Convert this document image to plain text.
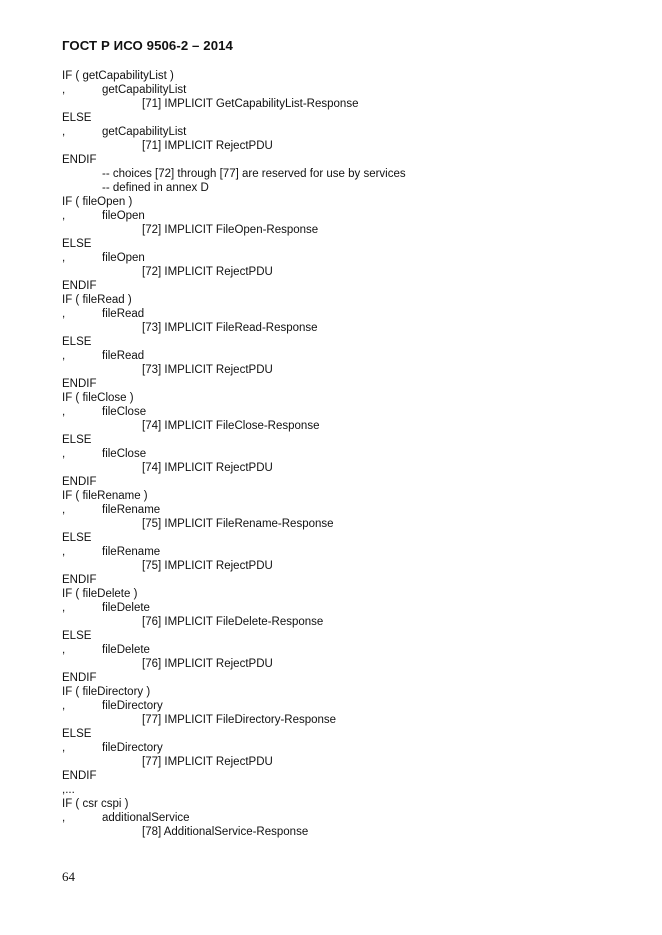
ГОСТ Р ИСО 9506-2 – 2014
IF ( getCapabilityList )
,	getCapabilityList
[71] IMPLICIT GetCapabilityList-Response
ELSE
,	getCapabilityList
[71] IMPLICIT RejectPDU
ENDIF
-- choices [72] through [77] are reserved for use by services
-- defined in annex D
IF ( fileOpen )
,	fileOpen
[72] IMPLICIT FileOpen-Response
ELSE
,	fileOpen
[72] IMPLICIT RejectPDU
ENDIF
IF ( fileRead )
,	fileRead
[73] IMPLICIT FileRead-Response
ELSE
,	fileRead
[73] IMPLICIT RejectPDU
ENDIF
IF ( fileClose )
,	fileClose
[74] IMPLICIT FileClose-Response
ELSE
,	fileClose
[74] IMPLICIT RejectPDU
ENDIF
IF ( fileRename )
,	fileRename
[75] IMPLICIT FileRename-Response
ELSE
,	fileRename
[75] IMPLICIT RejectPDU
ENDIF
IF ( fileDelete )
,	fileDelete
[76] IMPLICIT FileDelete-Response
ELSE
,	fileDelete
[76] IMPLICIT RejectPDU
ENDIF
IF ( fileDirectory )
,	fileDirectory
[77] IMPLICIT FileDirectory-Response
ELSE
,	fileDirectory
[77] IMPLICIT RejectPDU
ENDIF
,...
IF ( csr cspi )
,	additionalService
[78] AdditionalService-Response
64
